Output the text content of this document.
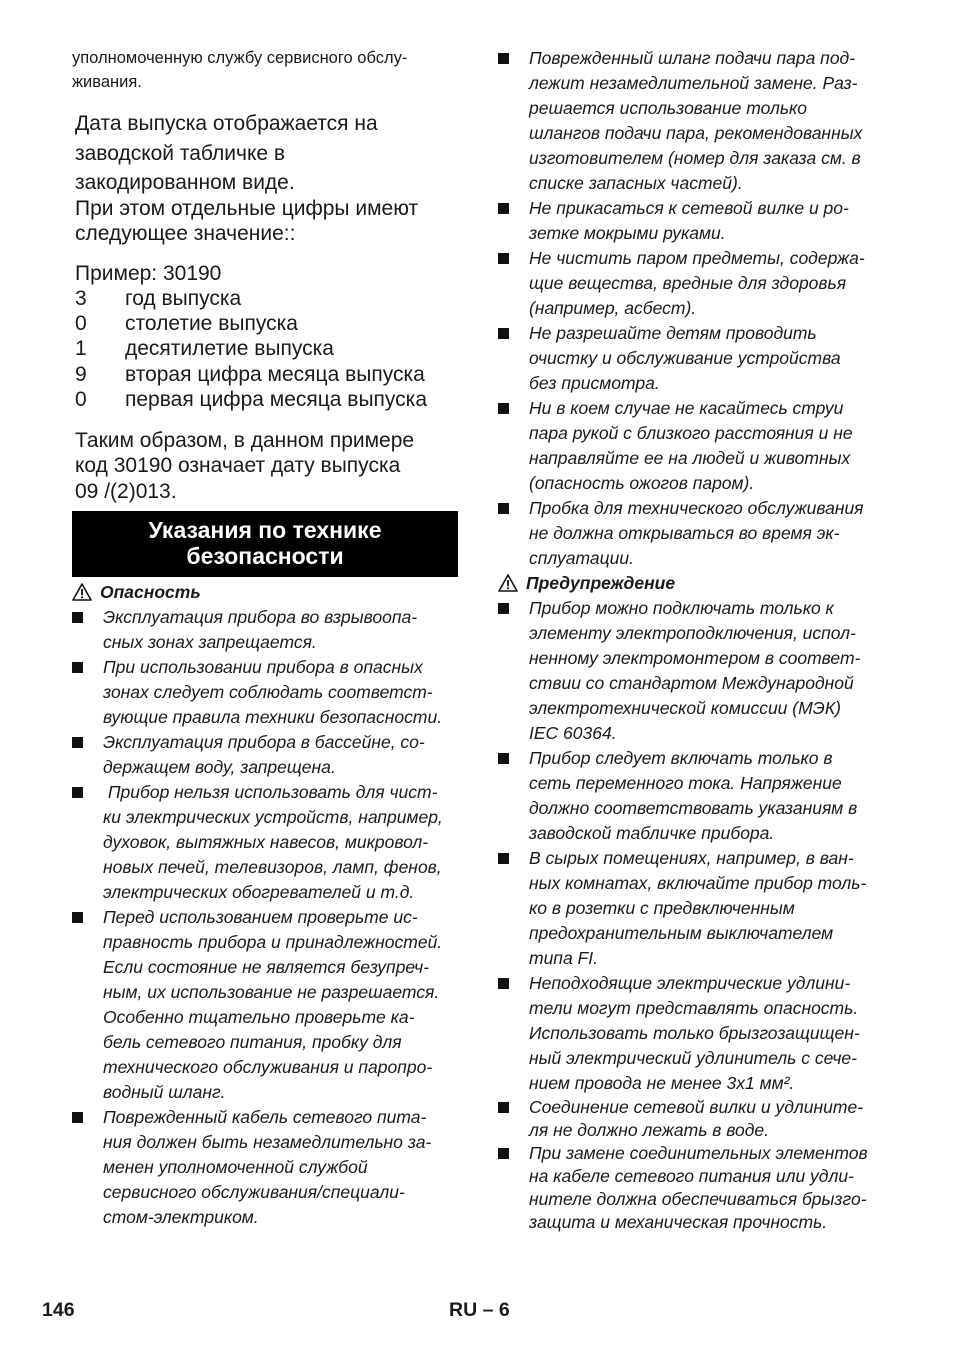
уполномоченную службу сервисного обслу-
живания.
Дата выпуска отображается на
заводской табличке в
закодированном виде.
При этом отдельные цифры имеют
следующее значение::
Пример: 30190
3 год выпуска
0 столетие выпуска
1 десятилетие выпуска
9 вторая цифра месяца выпуска
0 первая цифра месяца выпуска
Таким образом, в данном примере
код 30190 означает дату выпуска
09 /(2)013.
Указания по технике
безопасности
Опасность
Эксплуатация прибора во взрывоопа-
сных зонах запрещается.
При использовании прибора в опасных
зонах следует соблюдать соответст-
вующие правила техники безопасности.
Эксплуатация прибора в бассейне, со-
держащем воду, запрещена.
Прибор нельзя использовать для чист-
ки электрических устройств, например,
духовок, вытяжных навесов, микровол-
новых печей, телевизоров, ламп, фенов,
электрических обогревателей и т.д.
Перед использованием проверьте ис-
правность прибора и принадлежностей.
Если состояние не является безупреч-
ным, их использование не разрешается.
Особенно тщательно проверьте ка-
бель сетевого питания, пробку для
технического обслуживания и паропро-
водный шланг.
Поврежденный кабель сетевого пита-
ния должен быть незамедлительно за-
менен уполномоченной службой
сервисного обслуживания/специали-
стом-электриком.
Поврежденный шланг подачи пара под-
лежит незамедлительной замене. Раз-
решается использование только
шлангов подачи пара, рекомендованных
изготовителем (номер для заказа см. в
списке запасных частей).
Не прикасаться к сетевой вилке и ро-
зетке мокрыми руками.
Не чистить паром предметы, содержа-
щие вещества, вредные для здоровья
(например, асбест).
Не разрешайте детям проводить
очистку и обслуживание устройства
без присмотра.
Ни в коем случае не касайтесь струи
пара рукой с близкого расстояния и не
направляйте ее на людей и животных
(опасность ожогов паром).
Пробка для технического обслуживания
не должна открываться во время эк-
сплуатации.
Предупреждение
Прибор можно подключать только к
элементу электроподключения, испол-
ненному электромонтером в соответ-
ствии со стандартом Международной
электротехнической комиссии (МЭК)
IEC 60364.
Прибор следует включать только в
сеть переменного тока. Напряжение
должно соответствовать указаниям в
заводской табличке прибора.
В сырых помещениях, например, в ван-
ных комнатах, включайте прибор толь-
ко в розетки с предвключенным
предохранительным выключателем
типа FI.
Неподходящие электрические удлини-
тели могут представлять опасность.
Использовать только брызгозащищен-
ный электрический удлинитель с сече-
нием провода не менее 3x1 мм².
Соединение сетевой вилки и удлините-
ля не должно лежать в воде.
При замене соединительных элементов
на кабеле сетевого питания или удли-
нителе должна обеспечиваться брызго-
защита и механическая прочность.
146	RU – 6
